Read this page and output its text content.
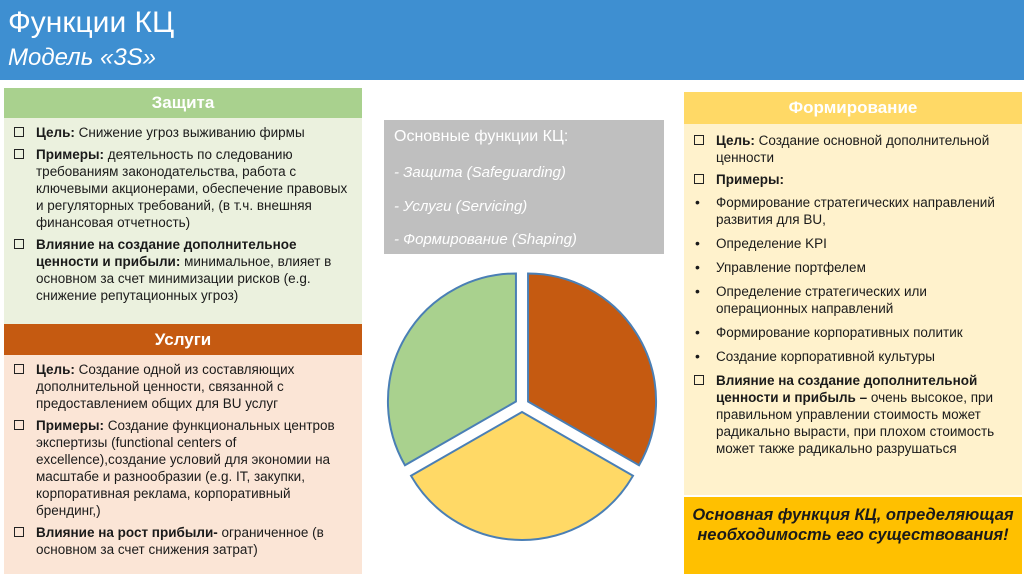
Функции КЦ
Модель «3S»
Защита
Цель: Снижение угроз выживанию фирмы
Примеры: деятельность по следованию требованиям законодательства, работа с ключевыми акционерами, обеспечение правовых и регуляторных требований, (в т.ч. внешняя финансовая отчетность)
Влияние на создание дополнительное ценности и прибыли: минимальное, влияет в основном за счет минимизации рисков (e.g. снижение репутационных угроз)
Услуги
Цель: Создание одной из составляющих дополнительной ценности, связанной с предоставлением общих для BU услуг
Примеры: Создание функциональных центров экспертизы (functional centers of excellence),создание условий для экономии на масштабе и разнообразии (e.g. IT, закупки, корпоративная реклама, корпоративный брендинг,)
Влияние на рост прибыли- ограниченное (в основном за счет снижения затрат)
Основные функции КЦ:
- Защита (Safeguarding)
- Услуги (Servicing)
- Формирование (Shaping)
Формирование
Цель: Создание основной дополнительной ценности
Примеры:
• Формирование стратегических направлений развития для BU,
• Определение KPI
• Управление портфелем
• Определение стратегических или операционных направлений
• Формирование корпоративных политик
• Создание корпоративной культуры
Влияние на создание дополнительной ценности и прибыль – очень высокое, при правильном управлении стоимость может радикально вырасти, при плохом стоимость может также радикально разрушаться
Основная функция КЦ, определяющая необходимость его существования!
